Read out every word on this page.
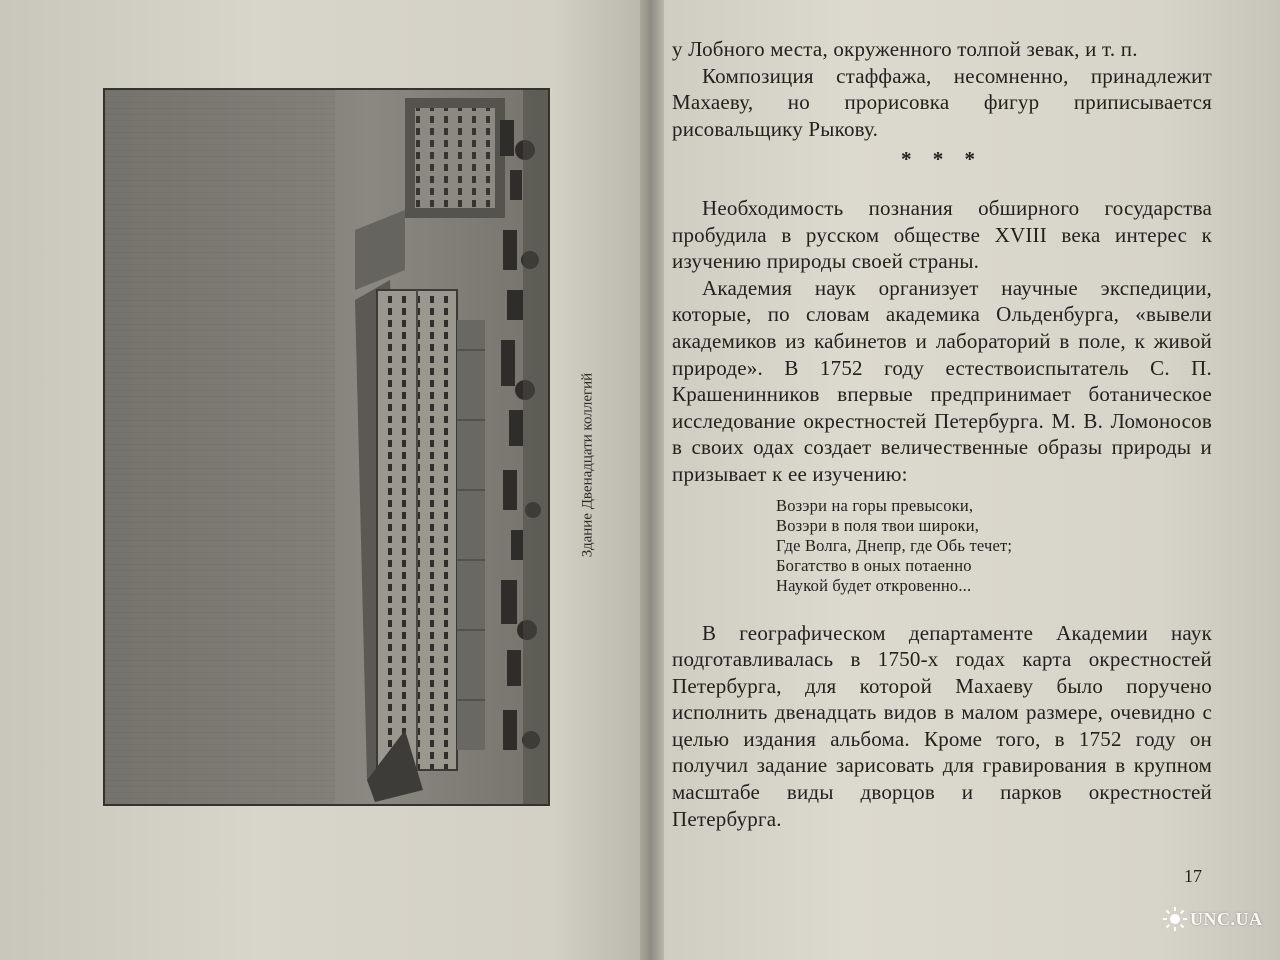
Здание Двенадцати коллегий

у Лобного места, окруженного толпой зевак, и т. п.

Композиция стаффажа, несомненно, принадлежит Махаеву, но прорисовка фигур приписывается рисовальщику Рыкову.

* * *

Необходимость познания обширного государства пробудила в русском обществе XVIII века интерес к изучению природы своей страны.

Академия наук организует научные экспедиции, которые, по словам академика Ольденбурга, «вывели академиков из кабинетов и лабораторий в поле, к живой природе». В 1752 году естествоиспытатель С. П. Крашенинников впервые предпринимает ботаническое исследование окрестностей Петербурга. М. В. Ломоносов в своих одах создает величественные образы природы и призывает к ее изучению:

Возэри на горы превысоки,
Возэри в поля твои широки,
Где Волга, Днепр, где Обь течет;
Богатство в оных потаенно
Наукой будет откровенно...

В географическом департаменте Академии наук подготавливалась в 1750-х годах карта окрестностей Петербурга, для которой Махаеву было поручено исполнить двенадцать видов в малом размере, очевидно с целью издания альбома. Кроме того, в 1752 году он получил задание зарисовать для гравирования в крупном масштабе виды дворцов и парков окрестностей Петербурга.

17
UNC.UA
